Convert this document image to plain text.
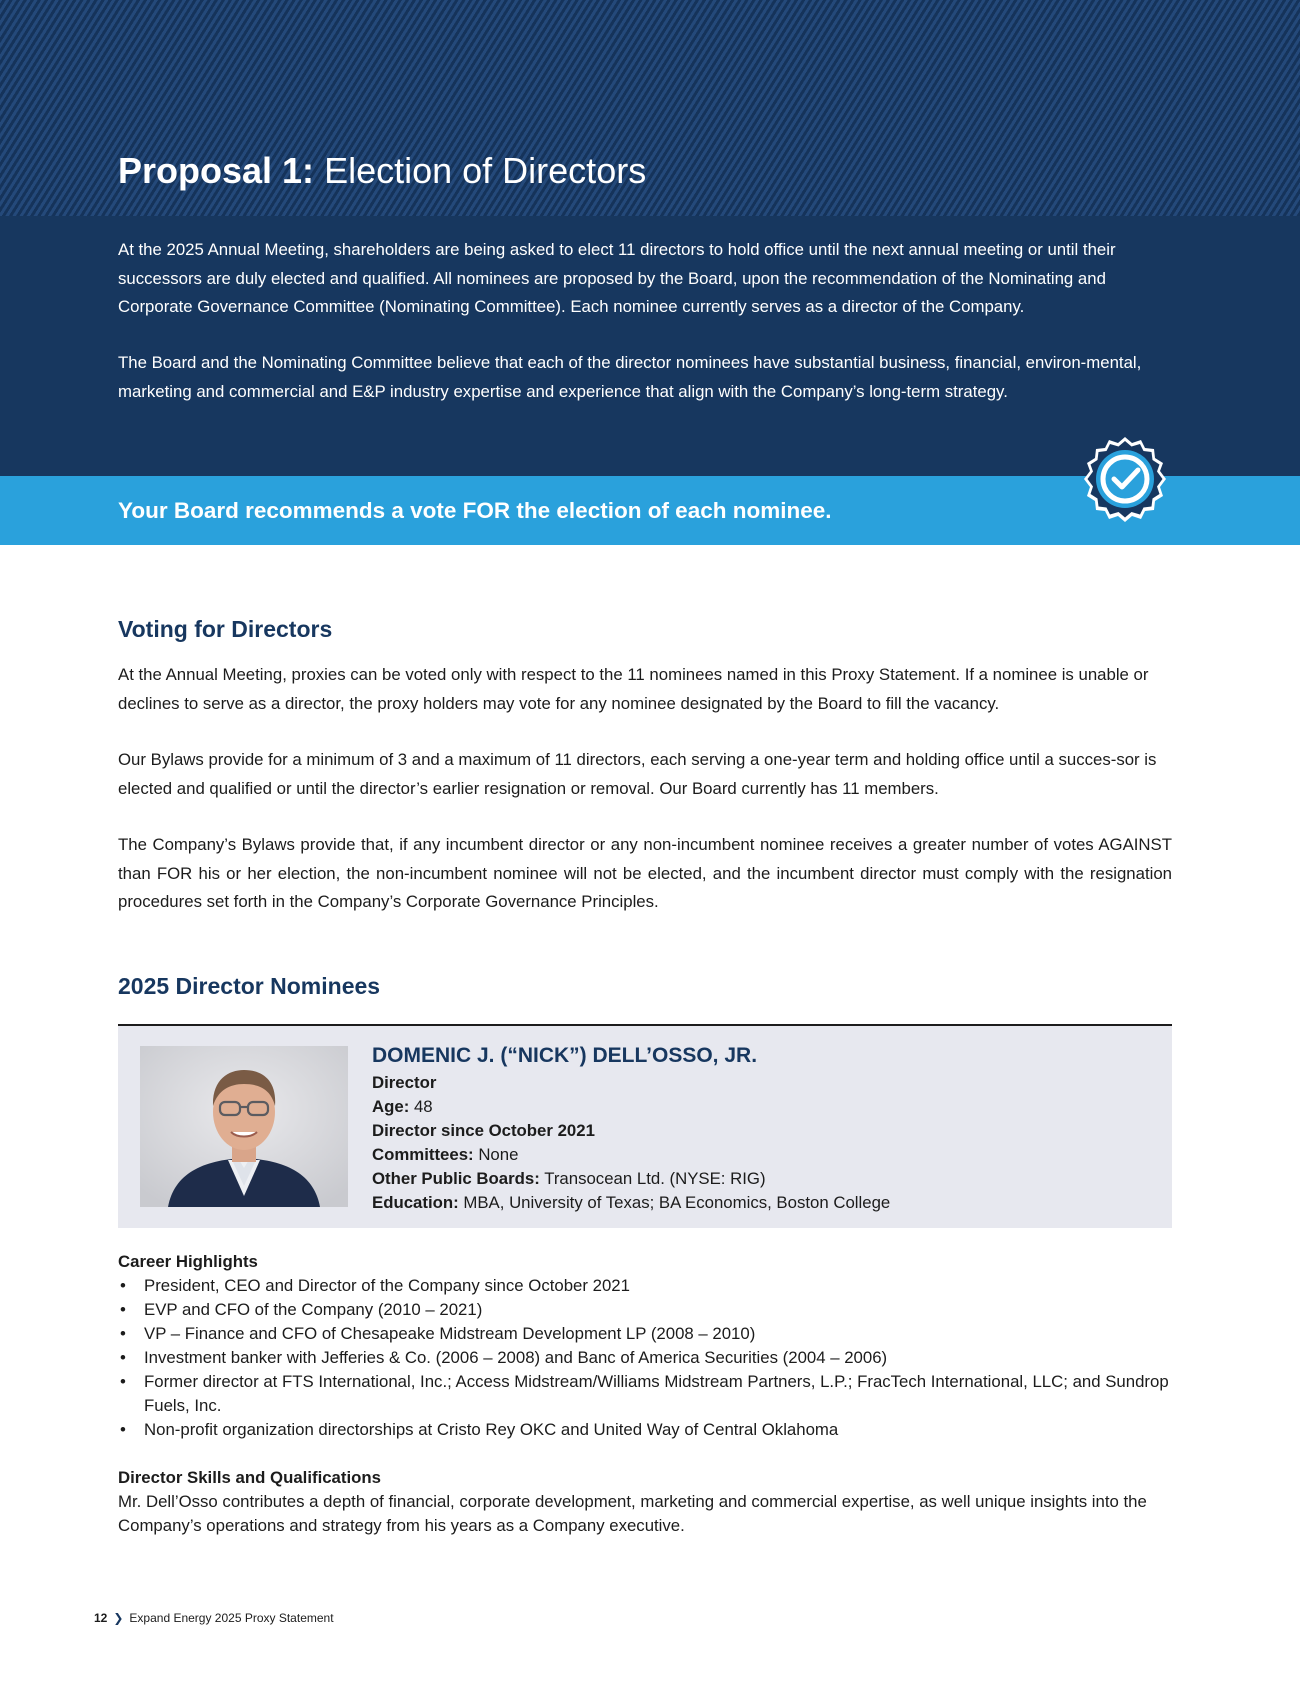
Proposal 1: Election of Directors

At the 2025 Annual Meeting, shareholders are being asked to elect 11 directors to hold office until the next annual meeting or until their successors are duly elected and qualified. All nominees are proposed by the Board, upon the recommendation of the Nominating and Corporate Governance Committee (Nominating Committee). Each nominee currently serves as a director of the Company.

The Board and the Nominating Committee believe that each of the director nominees have substantial business, financial, environ-mental, marketing and commercial and E&P industry expertise and experience that align with the Company’s long-term strategy.

Your Board recommends a vote FOR the election of each nominee.
Voting for Directors

At the Annual Meeting, proxies can be voted only with respect to the 11 nominees named in this Proxy Statement. If a nominee is unable or declines to serve as a director, the proxy holders may vote for any nominee designated by the Board to fill the vacancy.

Our Bylaws provide for a minimum of 3 and a maximum of 11 directors, each serving a one-year term and holding office until a succes-sor is elected and qualified or until the director’s earlier resignation or removal. Our Board currently has 11 members.

The Company’s Bylaws provide that, if any incumbent director or any non-incumbent nominee receives a greater number of votes AGAINST than FOR his or her election, the non-incumbent nominee will not be elected, and the incumbent director must comply with the resignation procedures set forth in the Company’s Corporate Governance Principles.

2025 Director Nominees
DOMENIC J. (“NICK”) DELL’OSSO, JR.
Director
Age: 48
Director since October 2021
Committees: None
Other Public Boards: Transocean Ltd. (NYSE: RIG)
Education: MBA, University of Texas; BA Economics, Boston College
Career Highlights
• President, CEO and Director of the Company since October 2021
• EVP and CFO of the Company (2010 – 2021)
• VP – Finance and CFO of Chesapeake Midstream Development LP (2008 – 2010)
• Investment banker with Jefferies & Co. (2006 – 2008) and Banc of America Securities (2004 – 2006)
• Former director at FTS International, Inc.; Access Midstream/Williams Midstream Partners, L.P.; FracTech International, LLC; and Sundrop Fuels, Inc.
• Non-profit organization directorships at Cristo Rey OKC and United Way of Central Oklahoma
Director Skills and Qualifications

Mr. Dell’Osso contributes a depth of financial, corporate development, marketing and commercial expertise, as well unique insights into the Company’s operations and strategy from his years as a Company executive.

12 ❯ Expand Energy 2025 Proxy Statement
